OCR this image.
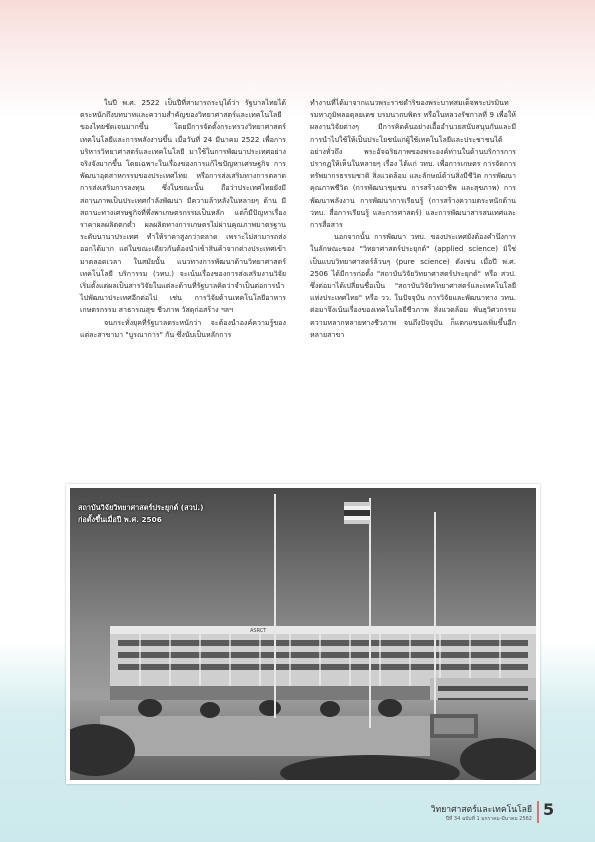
ในปี พ.ศ. 2522 เป็นปีที่สามารถระบุได้ว่า รัฐบาลไทยได้ตระหนักถึงบทบาทและความสำคัญของวิทยาศาสตร์และเทคโนโลยีของไทยชัดเจนมากขึ้น โดยมีการจัดตั้งกระทรวงวิทยาศาสตร์ เทคโนโลยีและการพลังงานขึ้น เมื่อวันที่ 24 มีนาคม 2522 เพื่อการบริหารวิทยาศาสตร์และเทคโนโลยี มาใช้ในการพัฒนาประเทศอย่างจริงจังมากขึ้น โดยเฉพาะในเรื่องของการแก้ไขปัญหาเศรษฐกิจ การพัฒนาอุตสาหกรรมของประเทศไทย หรือการส่งเสริมทางการตลาด การส่งเสริมการลงทุน ซึ่งในขณะนั้น ถือว่าประเทศไทยยังมีสถานภาพเป็นประเทศกำลังพัฒนา มีความล้าหลังในหลายๆ ด้าน มีสถานะทางเศรษฐกิจที่พึ่งพาเกษตรกรรมเป็นหลัก แต่ก็มีปัญหาเรื่องราคาผลผลิตตกต่ำ ผลผลิตทางการเกษตรไม่ผ่านคุณภาพมาตรฐานระดับนานาประเทศ ทำให้ราคาสูงกว่าตลาด เพราะไม่สามารถส่งออกได้มาก แต่ในขณะเดียวกันต้องนำเข้าสินค้าจากต่างประเทศเข้ามาตลอดเวลา ในสมัยนั้น แนวทางการพัฒนาด้านวิทยาศาสตร์เทคโนโลยี บริการรม (วทบ.) จะเน้นเรื่องของการส่งเสริมงานวิจัย เริ่มตั้งแต่ผลเป็นสารวิจัยในแต่ละด้านที่รัฐบาลคิดว่าจำเป็นต่อการนำไปพัฒนาประเทศอีกต่อไป เช่น การวิจัยด้านเทคโนโลยีอาหาร เกษตรกรรม สาธารณสุข ชีวภาพ วัสดุก่อสร้าง ฯลฯ

จนกระทั่งยุคที่รัฐบาลตระหนักว่า จะต้องนำองค์ความรู้ของแต่ละสาขามา "บูรณาการ" กัน ซึ่งนับเป็นหลักการ

ทำงานที่ได้มาจากแนวพระราชดำริของพระบาทสมเด็จพระปรมินทรมหาภูมิพลอดุลยเดช บรมนาถบพิตร หรือในหลวงรัชกาลที่ 9 เพื่อให้ผลงานวิจัยต่างๆ มีการคิดค้นอย่างเอื้ออำนวยสนับสนุนกันและมีการนำไปใช้ให้เป็นประโยชน์แก่ผู้ใช้เทคโนโลยีและประชาชนได้อย่างทั่วถึง พระอัจฉริยภาพของพระองค์ท่านในด้านบริการการปรากฏให้เห็นในหลายๆ เรื่อง ได้แก่ วทบ. เพื่อการเกษตร การจัดการทรัพยากรธรรมชาติ สิ่งแวดล้อม และลักษณ์ด้านสิ่งมีชีวิต การพัฒนาคุณภาพชีวิต (การพัฒนาชุมชน การสร้างอาชีพ และสุขภาพ) การพัฒนาพลังงาน การพัฒนาการเรียนรู้ (การสร้างความตระหนักด้าน วทบ. สื่อการเรียนรู้ และการศาสตร์) และการพัฒนาสารสนเทศและการสื่อสาร

นอกจากนั้น การพัฒนา วทบ. ของประเทศยังต้องคำนึงการในลักษณะของ "วิทยาศาสตร์ประยุกต์" (applied science) มิใช่เป็นแบบวิทยาศาสตร์ล้วนๆ (pure science) ดังเช่น เมื่อปี พ.ศ. 2506 ได้มีการก่อตั้ง "สถาบันวิจัยวิทยาศาสตร์ประยุกต์" หรือ สวป. ซึ่งต่อมาได้เปลี่ยนชื่อเป็น "สถาบันวิจัยวิทยาศาสตร์และเทคโนโลยีแห่งประเทศไทย" หรือ วว. ในปัจจุบัน การวิจัยและพัฒนาทาง วทน. ต่อมาจึงเน้นเรื่องของเทคโนโลยีชีวภาพ สิ่งแวดล้อม พันธุวิศวกรรม ความหลากหลายทางชีวภาพ จนถึงปัจจุบัน ก็แตกแขนงเพิ่มขึ้นอีกหลายสาขา

ASRCT
สถาบันวิจัยวิทยาศาสตร์ประยุกต์ (สวป.)
ก่อตั้งขึ้นเมื่อปี พ.ศ. 2506
วิทยาศาสตร์และเทคโนโลยี
ปีที่ 34 ฉบับที่ 1 มกราคม-มีนาคม 2562 5
